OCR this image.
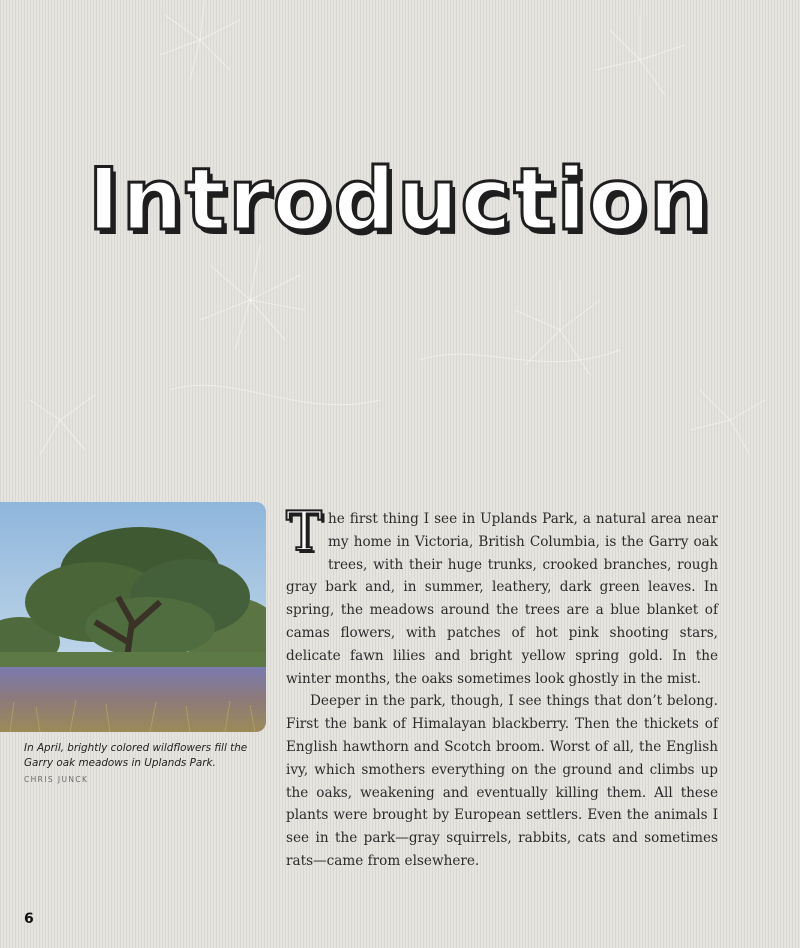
Introduction
In April, brightly colored wildflowers fill the Garry oak meadows in Uplands Park.
CHRIS JUNCK

The first thing I see in Uplands Park, a natural area near my home in Victoria, British Columbia, is the Garry oak trees, with their huge trunks, crooked branches, rough gray bark and, in summer, leathery, dark green leaves. In spring, the meadows around the trees are a blue blanket of camas flowers, with patches of hot pink shooting stars, delicate fawn lilies and bright yellow spring gold. In the winter months, the oaks sometimes look ghostly in the mist.

Deeper in the park, though, I see things that don’t belong. First the bank of Himalayan blackberry. Then the thickets of English hawthorn and Scotch broom. Worst of all, the English ivy, which smothers everything on the ground and climbs up the oaks, weakening and eventually killing them. All these plants were brought by European settlers. Even the animals I see in the park—gray squirrels, rabbits, cats and sometimes rats—came from elsewhere.

6
